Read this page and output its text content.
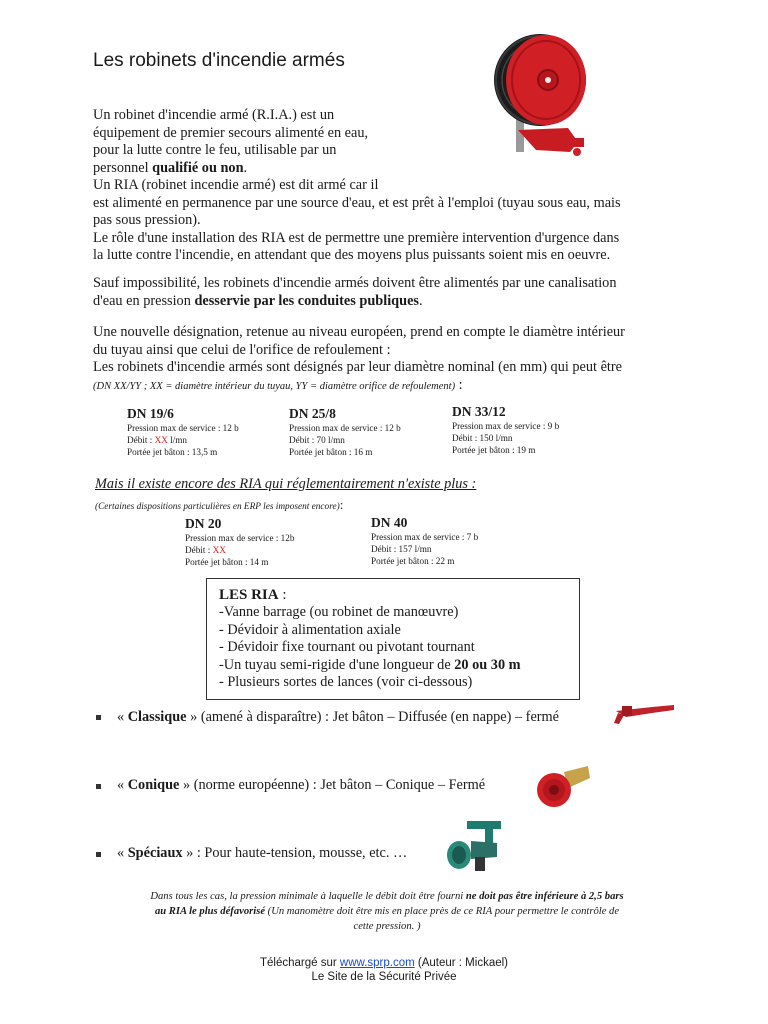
Les robinets d'incendie armés
Un robinet d'incendie armé (R.I.A.) est un
équipement de premier secours alimenté en eau,
pour la lutte contre le feu, utilisable par un
personnel qualifié ou non.
Un RIA (robinet incendie armé) est dit armé car il
est alimenté en permanence par une source d'eau, et est prêt à l'emploi (tuyau sous eau, mais
pas sous pression).
Le rôle d'une installation des RIA est de permettre une première intervention d'urgence dans
la lutte contre l'incendie, en attendant que des moyens plus puissants soient mis en oeuvre.
Sauf impossibilité, les robinets d'incendie armés doivent être alimentés par une canalisation
d'eau en pression desservie par les conduites publiques.
Une nouvelle désignation, retenue au niveau européen, prend en compte le diamètre intérieur
du tuyau ainsi que celui de l'orifice de refoulement :
Les robinets d'incendie armés sont désignés par leur diamètre nominal (en mm) qui peut être
(DN XX/YY ; XX = diamètre intérieur du tuyau, YY = diamètre orifice de refoulement) :
DN 19/6
Pression max de service : 12 b
Débit : XX l/mn
Portée jet bâton : 13,5 m
DN 25/8
Pression max de service : 12 b
Débit : 70 l/mn
Portée jet bâton : 16 m
DN 33/12
Pression max de service : 9 b
Débit : 150 l/mn
Portée jet bâton : 19 m
Mais il existe encore des RIA qui réglementairement n'existe plus :
(Certaines dispositions particulières en ERP les imposent encore):
DN 20
Pression max de service : 12b
Débit : XX
Portée jet bâton : 14 m
DN 40
Pression max de service : 7 b
Débit : 157 l/mn
Portée jet bâton : 22 m
LES RIA :
-Vanne barrage (ou robinet de manœuvre)
- Dévidoir à alimentation axiale
- Dévidoir fixe tournant ou pivotant tournant
-Un tuyau semi-rigide d'une longueur de 20 ou 30 m
- Plusieurs sortes de lances (voir ci-dessous)
« Classique » (amené à disparaître) : Jet bâton – Diffusée (en nappe) – fermé
« Conique » (norme européenne) : Jet bâton – Conique – Fermé
« Spéciaux » : Pour haute-tension, mousse, etc. …
Dans tous les cas, la pression minimale à laquelle le débit doit être fourni ne doit pas être inférieure à 2,5 bars
au RIA le plus défavorisé (Un manomètre doit être mis en place près de ce RIA pour permettre le contrôle de
cette pression. )
Téléchargé sur www.sprp.com (Auteur : Mickael)
Le Site de la Sécurité Privée
